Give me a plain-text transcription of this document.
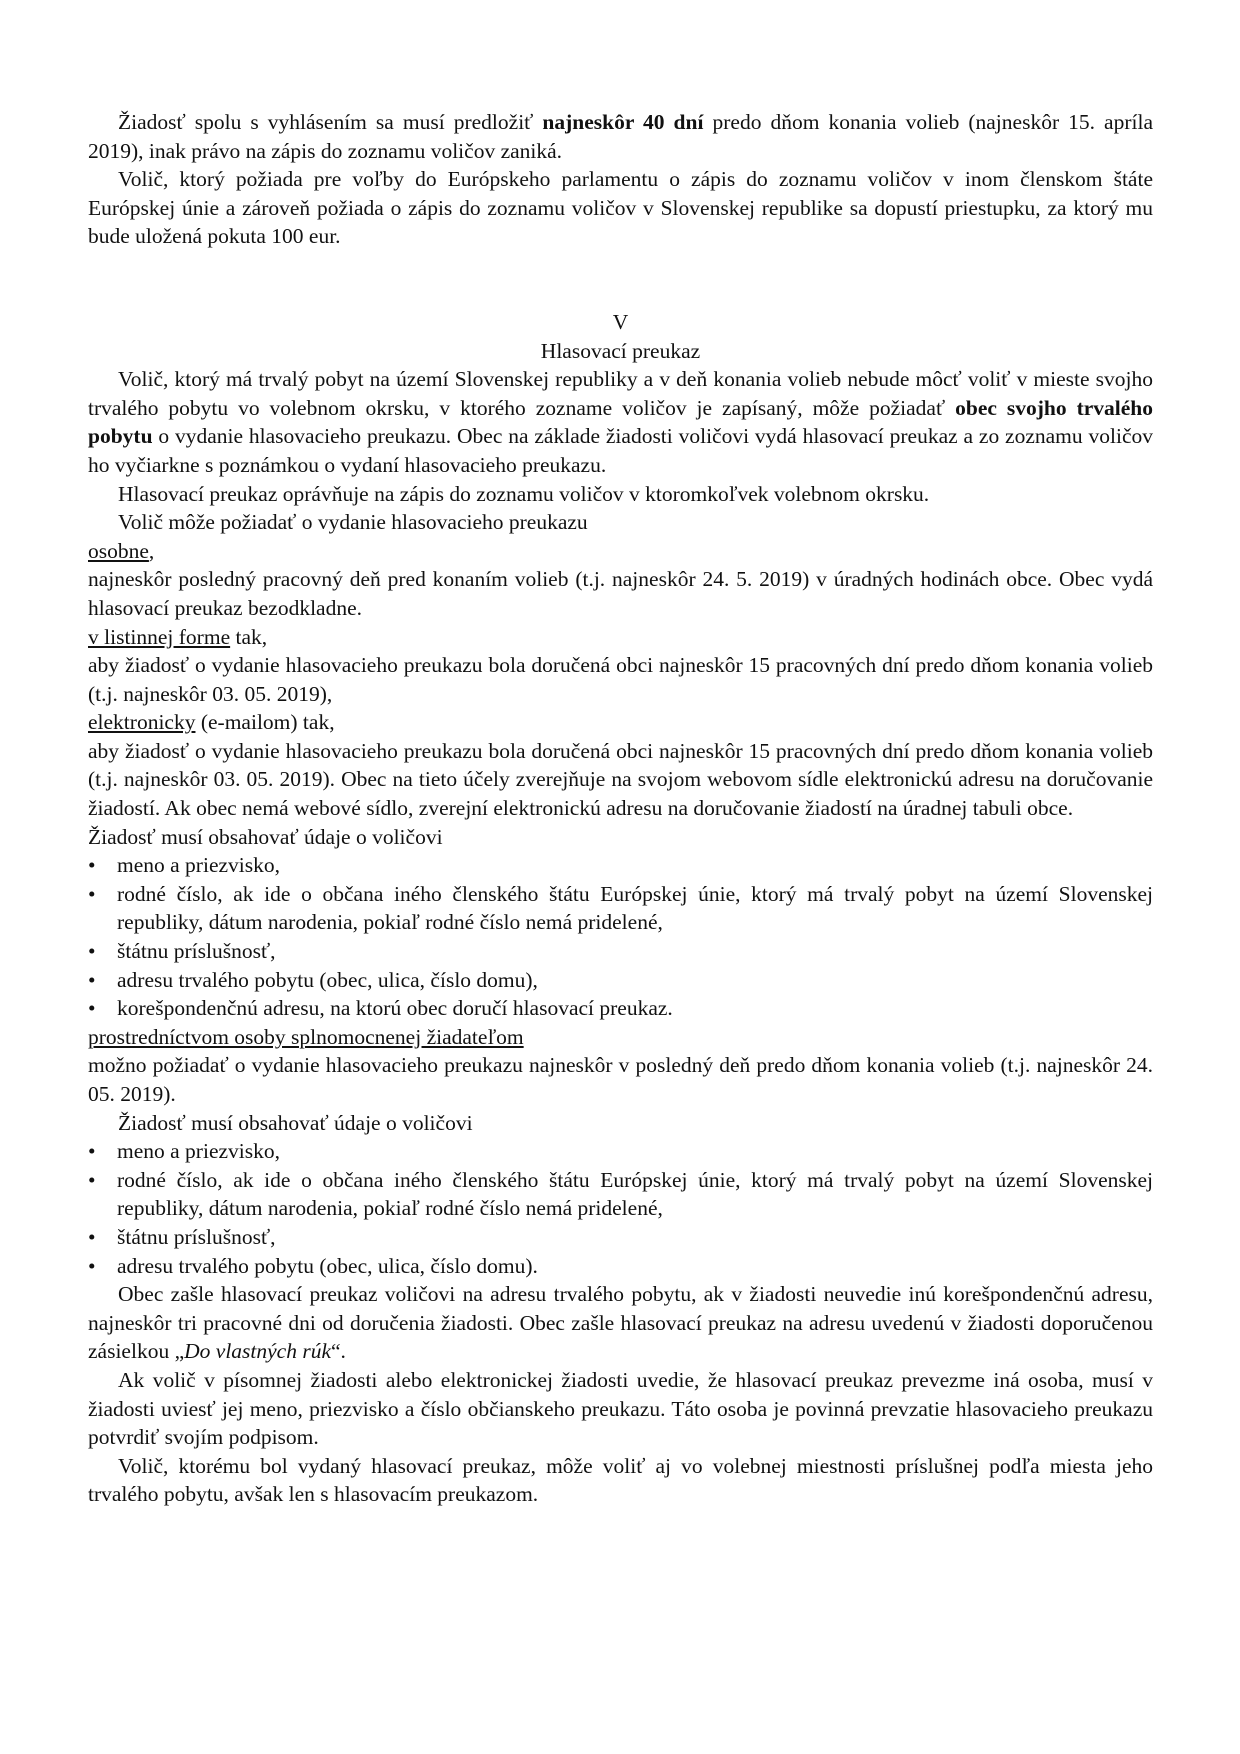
Žiadosť spolu s vyhlásením sa musí predložiť najneskôr 40 dní predo dňom konania volieb (najneskôr 15. apríla 2019), inak právo na zápis do zoznamu voličov zaniká.

Volič, ktorý požiada pre voľby do Európskeho parlamentu o zápis do zoznamu voličov v inom členskom štáte Európskej únie a zároveň požiada o zápis do zoznamu voličov v Slovenskej republike sa dopustí priestupku, za ktorý mu bude uložená pokuta 100 eur.

V

Hlasovací preukaz

Volič, ktorý má trvalý pobyt na území Slovenskej republiky a v deň konania volieb nebude môcť voliť v mieste svojho trvalého pobytu vo volebnom okrsku, v ktorého zozname voličov je zapísaný, môže požiadať obec svojho trvalého pobytu o vydanie hlasovacieho preukazu. Obec na základe žiadosti voličovi vydá hlasovací preukaz a zo zoznamu voličov ho vyčiarkne s poznámkou o vydaní hlasovacieho preukazu.

Hlasovací preukaz oprávňuje na zápis do zoznamu voličov v ktoromkoľvek volebnom okrsku.

Volič môže požiadať o vydanie hlasovacieho preukazu

osobne,

najneskôr posledný pracovný deň pred konaním volieb (t.j. najneskôr 24. 5. 2019) v úradných hodinách obce. Obec vydá hlasovací preukaz bezodkladne.

v listinnej forme tak,

aby žiadosť o vydanie hlasovacieho preukazu bola doručená obci najneskôr 15 pracovných dní predo dňom konania volieb (t.j. najneskôr 03. 05. 2019),

elektronicky (e-mailom) tak,

aby žiadosť o vydanie hlasovacieho preukazu bola doručená obci najneskôr 15 pracovných dní predo dňom konania volieb (t.j. najneskôr 03. 05. 2019). Obec na tieto účely zverejňuje na svojom webovom sídle elektronickú adresu na doručovanie žiadostí. Ak obec nemá webové sídlo, zverejní elektronickú adresu na doručovanie žiadostí na úradnej tabuli obce.

Žiadosť musí obsahovať údaje o voličovi

• meno a priezvisko,
• rodné číslo, ak ide o občana iného členského štátu Európskej únie, ktorý má trvalý pobyt na území Slovenskej republiky, dátum narodenia, pokiaľ rodné číslo nemá pridelené,
• štátnu príslušnosť,
• adresu trvalého pobytu (obec, ulica, číslo domu),
• korešpondenčnú adresu, na ktorú obec doručí hlasovací preukaz.

prostredníctvom osoby splnomocnenej žiadateľom

možno požiadať o vydanie hlasovacieho preukazu najneskôr v posledný deň predo dňom konania volieb (t.j. najneskôr 24. 05. 2019).

Žiadosť musí obsahovať údaje o voličovi

• meno a priezvisko,
• rodné číslo, ak ide o občana iného členského štátu Európskej únie, ktorý má trvalý pobyt na území Slovenskej republiky, dátum narodenia, pokiaľ rodné číslo nemá pridelené,
• štátnu príslušnosť,
• adresu trvalého pobytu (obec, ulica, číslo domu).

Obec zašle hlasovací preukaz voličovi na adresu trvalého pobytu, ak v žiadosti neuvedie inú korešpondenčnú adresu, najneskôr tri pracovné dni od doručenia žiadosti. Obec zašle hlasovací preukaz na adresu uvedenú v žiadosti doporučenou zásielkou „Do vlastných rúk“.

Ak volič v písomnej žiadosti alebo elektronickej žiadosti uvedie, že hlasovací preukaz prevezme iná osoba, musí v žiadosti uviesť jej meno, priezvisko a číslo občianskeho preukazu. Táto osoba je povinná prevzatie hlasovacieho preukazu potvrdiť svojím podpisom.

Volič, ktorému bol vydaný hlasovací preukaz, môže voliť aj vo volebnej miestnosti príslušnej podľa miesta jeho trvalého pobytu, avšak len s hlasovacím preukazom.
